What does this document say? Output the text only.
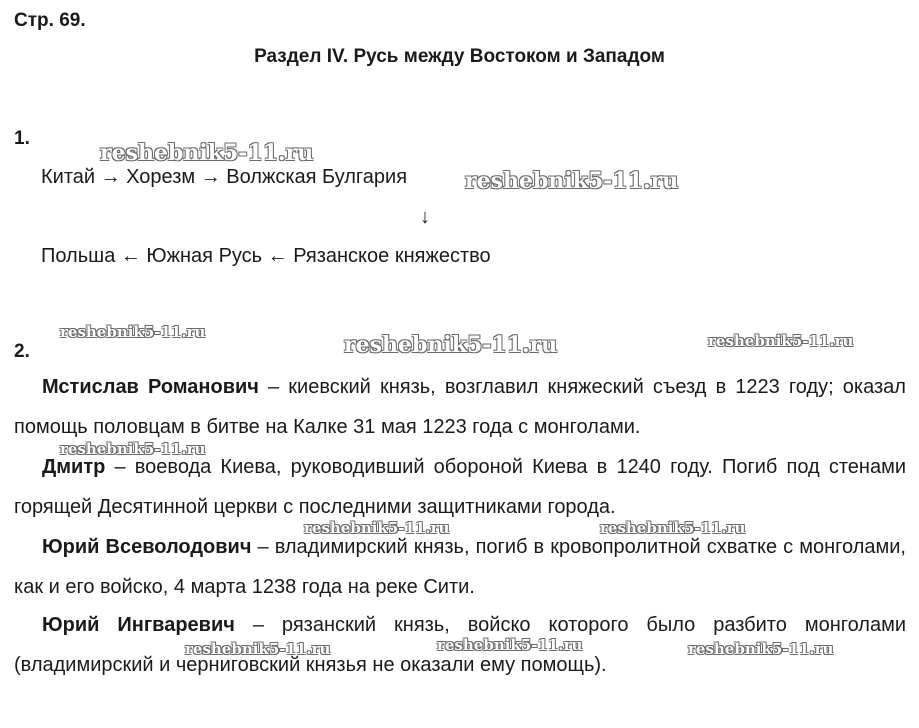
Стр. 69. ​
Раздел IV. Русь между Востоком и Западом
1.
Китай → Хорезм → Волжская Булгария
↓
Польша ← Южная Русь ← Рязанское княжество
2.
Мстислав Романович – киевский князь, возглавил княжеский съезд в 1223 году; оказал помощь половцам в битве на Калке 31 мая 1223 года с монголами.
Дмитр – воевода Киева, руководивший обороной Киева в 1240 году. Погиб под стенами горящей Десятинной церкви с последними защитниками города.
Юрий Всеволодович – владимирский князь, погиб в кровопролитной схватке с монголами, как и его войско, 4 марта 1238 года на реке Сити.
Юрий Ингваревич – рязанский князь, войско которого было разбито монголами (владимирский и черниговский князья не оказали ему помощь).
reshebnik5-11.ru
reshebnik5-11.ru
reshebnik5-11.ru	reshebnik5-11.ru	reshebnik5-11.ru
reshebnik5-11.ru
reshebnik5-11.ru	reshebnik5-11.ru
reshebnik5-11.ru	reshebnik5-11.ru	reshebnik5-11.ru
